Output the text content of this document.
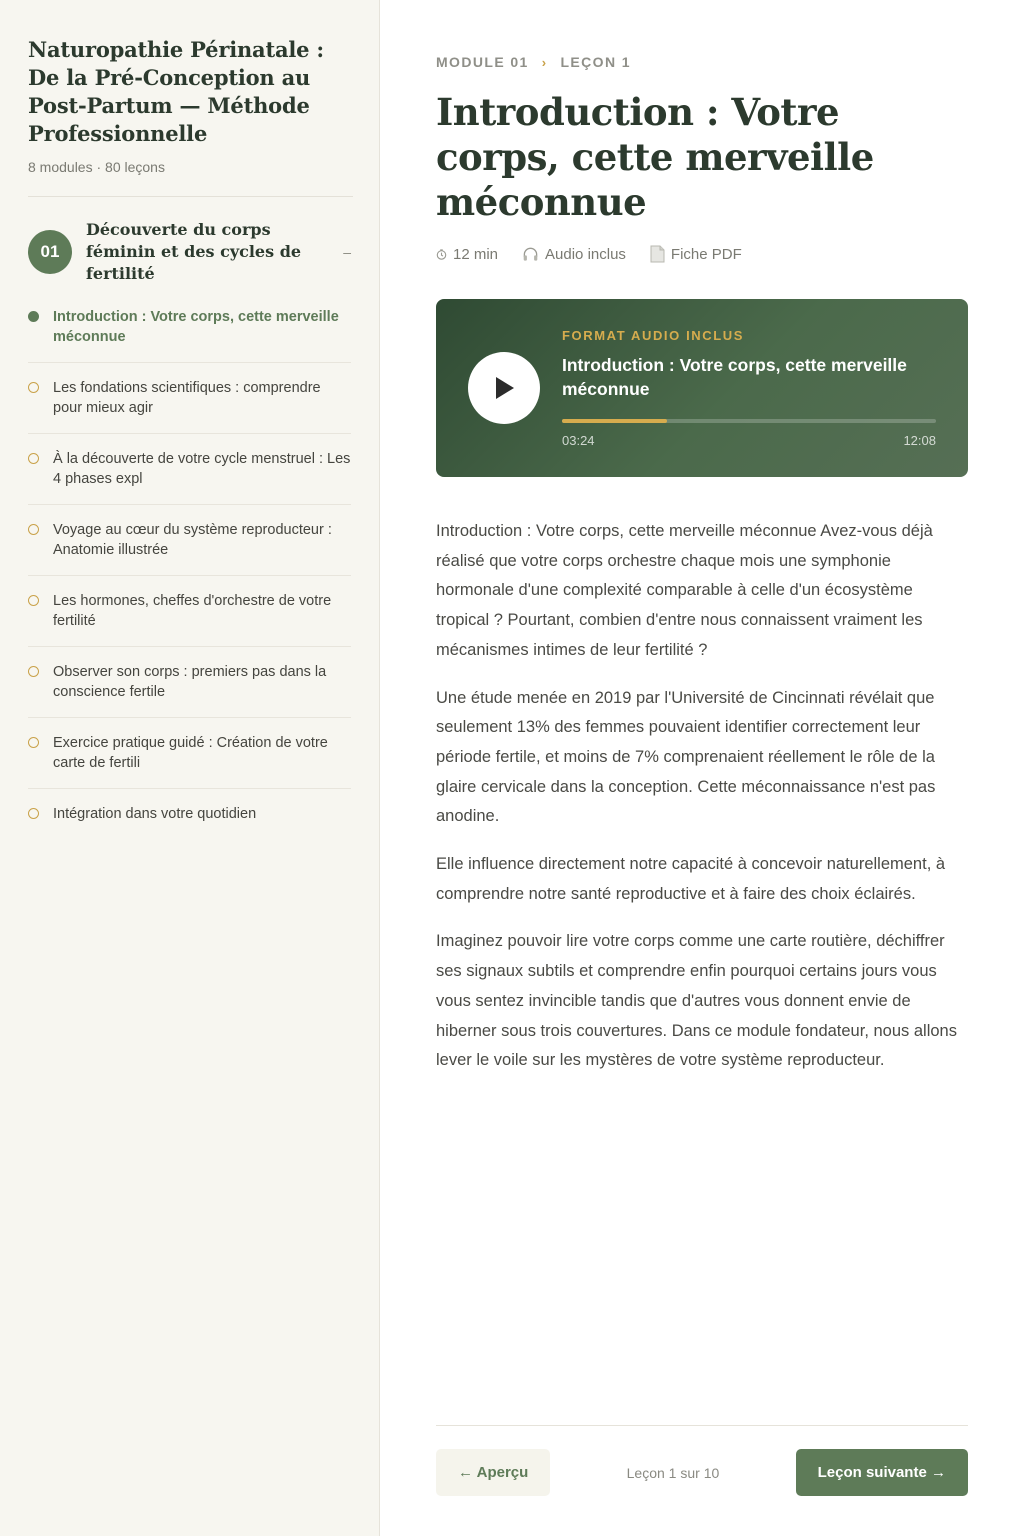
Naturopathie Périnatale : De la Pré-Conception au Post-Partum — Méthode Professionnelle
8 modules · 80 leçons
01
Découverte du corps féminin et des cycles de fertilité
–
Introduction : Votre corps, cette merveille méconnue
Les fondations scientifiques : comprendre pour mieux agir
À la découverte de votre cycle menstruel : Les 4 phases expl
Voyage au cœur du système reproducteur : Anatomie illustrée
Les hormones, cheffes d'orchestre de votre fertilité
Observer son corps : premiers pas dans la conscience fertile
Exercice pratique guidé : Création de votre carte de fertili
Intégration dans votre quotidien
MODULE 01 › LEÇON 1
Introduction : Votre corps, cette merveille méconnue
12 min	Audio inclus	Fiche PDF
FORMAT AUDIO INCLUS
Introduction : Votre corps, cette merveille méconnue
03:24	12:08

Introduction : Votre corps, cette merveille méconnue Avez-vous déjà réalisé que votre corps orchestre chaque mois une symphonie hormonale d'une complexité comparable à celle d'un écosystème tropical ? Pourtant, combien d'entre nous connaissent vraiment les mécanismes intimes de leur fertilité ?

Une étude menée en 2019 par l'Université de Cincinnati révélait que seulement 13% des femmes pouvaient identifier correctement leur période fertile, et moins de 7% comprenaient réellement le rôle de la glaire cervicale dans la conception. Cette méconnaissance n'est pas anodine.

Elle influence directement notre capacité à concevoir naturellement, à comprendre notre santé reproductive et à faire des choix éclairés.

Imaginez pouvoir lire votre corps comme une carte routière, déchiffrer ses signaux subtils et comprendre enfin pourquoi certains jours vous vous sentez invincible tandis que d'autres vous donnent envie de hiberner sous trois couvertures. Dans ce module fondateur, nous allons lever le voile sur les mystères de votre système reproducteur.

← Aperçu	Leçon 1 sur 10	Leçon suivante →
